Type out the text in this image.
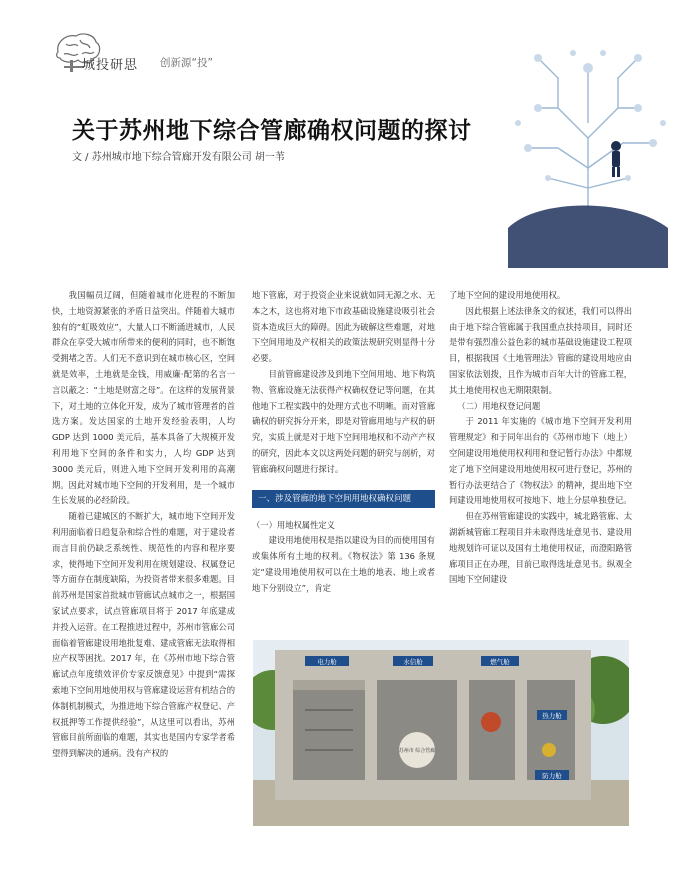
城投研思 创新源“投”
关于苏州地下综合管廊确权问题的探讨
文 / 苏州城市地下综合管廊开发有限公司 胡一苇

我国幅员辽阔，但随着城市化进程的不断加快，土地资源紧张的矛盾日益突出。伴随着大城市独有的“虹吸效应”，大量人口不断涌进城市，人民群众在享受大城市所带来的便利的同时，也不断饱受拥堵之苦。人们无不意识到在城市核心区，空间就是效率，土地就是金钱，用威廉·配第的名言一言以蔽之：“土地是财富之母”。在这样的发展背景下，对土地的立体化开发，成为了城市管理者的首选方案。发达国家的土地开发经验表明，人均 GDP 达到 1000 美元后，基本具备了大规模开发利用地下空间的条件和实力，人均 GDP 达到 3000 美元后，则进入地下空间开发利用的高潮期。因此对城市地下空间的开发利用，是一个城市生长发展的必经阶段。

随着已建城区的不断扩大，城市地下空间开发利用面临着日趋复杂和综合性的难题，对于建设者而言目前仍缺乏系统性、规范性的内容和程序要求，使得地下空间开发利用在规划建设、权属登记等方面存在制度缺陷，为投资者带来很多难题。目前苏州是国家首批城市管廊试点城市之一，根据国家试点要求，试点管廊项目将于 2017 年底建成并投入运营。在工程推进过程中，苏州市管廊公司面临着管廊建设用地批复难、建成管廊无法取得相应产权等困扰。2017 年，在《苏州市地下综合管廊试点年度绩效评价专家反馈意见》中提到“需探索地下空间用地使用权与管廊建设运营有机结合的体制机制模式，为推进地下综合管廊产权登记、产权抵押等工作提供经验”，从这里可以看出，苏州管廊目前所面临的难题，其实也是国内专家学者希望得到解决的通病。没有产权的

地下管廊，对于投资企业来说就如同无源之水、无本之木，这也将对地下市政基础设施建设吸引社会资本造成巨大的障碍。因此为破解这些难题，对地下空间用地及产权相关的政策法规研究则显得十分必要。

目前管廊建设涉及到地下空间用地、地下构筑物、管廊设施无法获得产权确权登记等问题，在其他地下工程实践中的处理方式也不明晰。而对管廊确权的研究拆分开来，即是对管廊用地与产权的研究，实质上就是对于地下空间用地权和不动产产权的研究，因此本文以这两处问题的研究与剖析，对管廊确权问题进行探讨。

一、涉及管廊的地下空间用地权确权问题

（一）用地权属性定义

建设用地使用权是指以建设为目的而使用国有或集体所有土地的权利。《物权法》第 136 条规定“建设用地使用权可以在土地的地表、地上或者地下分别设立”，肯定

了地下空间的建设用地使用权。

因此根据上述法律条文的叙述，我们可以得出由于地下综合管廊属于我国重点扶持项目，同时还是带有强烈准公益色彩的城市基础设施建设工程项目，根据我国《土地管理法》管廊的建设用地应由国家依法划拨，且作为城市百年大计的管廊工程，其土地使用权也无期限限制。

（二）用地权登记问题

于 2011 年实施的《城市地下空间开发利用管理规定》和于同年出台的《苏州市地下（地上）空间建设用地使用权利用和登记暂行办法》中都规定了地下空间建设用地使用权可进行登记，苏州的暂行办法更结合了《物权法》的精神，提出地下空间建设用地使用权可按地下、地上分层单独登记。

但在苏州管廊建设的实践中，城北路管廊、太湖新城管廊工程项目并未取得选址意见书、建设用地规划许可证以及国有土地使用权证，而澄阳路管廊项目正在办理，目前已取得选址意见书。纵观全国地下空间建设

电力舱	水信舱	燃气舱
热力舱
苏州市 综合管廊
防力舱
